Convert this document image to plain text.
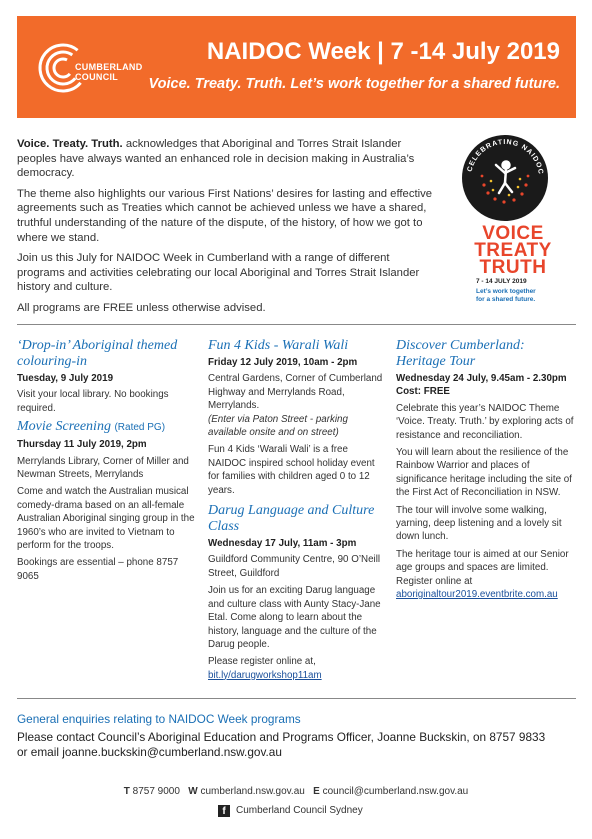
CUMBERLAND
COUNCIL
NAIDOC Week | 7 -14 July 2019
Voice. Treaty. Truth. Let’s work together for a shared future.

Voice. Treaty. Truth. acknowledges that Aboriginal and Torres Strait Islander peoples have always wanted an enhanced role in decision making in Australia’s democracy.

The theme also highlights our various First Nations’ desires for lasting and effective agreements such as Treaties which cannot be achieved unless we have a shared, truthful understanding of the nature of the dispute, of the history, of how we got to where we stand.

Join us this July for NAIDOC Week in Cumberland with a range of different programs and activities celebrating our local Aboriginal and Torres Strait Islander history and culture.

All programs are FREE unless otherwise advised.

CELEBRATING NAIDOC
VOICE
TREATY
TRUTH
7 - 14 JULY 2019
Let’s work together
for a shared future.
‘Drop-in’ Aboriginal themed colouring-in
Tuesday, 9 July 2019
Visit your local library. No bookings required.
Movie Screening (Rated PG)
Thursday 11 July 2019, 2pm
Merrylands Library, Corner of Miller and Newman Streets, Merrylands
Come and watch the Australian musical comedy-drama based on an all-female Australian Aboriginal singing group in the 1960’s who are invited to Vietnam to perform for the troops.
Bookings are essential – phone 8757 9065
Fun 4 Kids - Warali Wali
Friday 12 July 2019, 10am - 2pm
Central Gardens, Corner of Cumberland Highway and Merrylands Road, Merrylands.
(Enter via Paton Street - parking available onsite and on street)
Fun 4 Kids ‘Warali Wali’ is a free NAIDOC inspired school holiday event for families with children aged 0 to 12 years.
Darug Language and Culture Class
Wednesday 17 July, 11am - 3pm
Guildford Community Centre, 90 O’Neill Street, Guildford
Join us for an exciting Darug language and culture class with Aunty Stacy-Jane Etal. Come along to learn about the history, language and the culture of the Darug people.
Please register online at,
bit.ly/darugworkshop11am
Discover Cumberland: Heritage Tour
Wednesday 24 July, 9.45am - 2.30pm
Cost: FREE
Celebrate this year’s NAIDOC Theme ‘Voice. Treaty. Truth.’ by exploring acts of resistance and reconciliation.
You will learn about the resilience of the Rainbow Warrior and places of significance heritage including the site of the First Act of Reconciliation in NSW.
The tour will involve some walking, yarning, deep listening and a lovely sit down lunch.
The heritage tour is aimed at our Senior age groups and spaces are limited. Register online at
aboriginaltour2019.eventbrite.com.au
General enquiries relating to NAIDOC Week programs
Please contact Council’s Aboriginal Education and Programs Officer, Joanne Buckskin, on 8757 9833
or email joanne.buckskin@cumberland.nsw.gov.au
T 8757 9000 W cumberland.nsw.gov.au E council@cumberland.nsw.gov.au
f	Cumberland Council Sydney
